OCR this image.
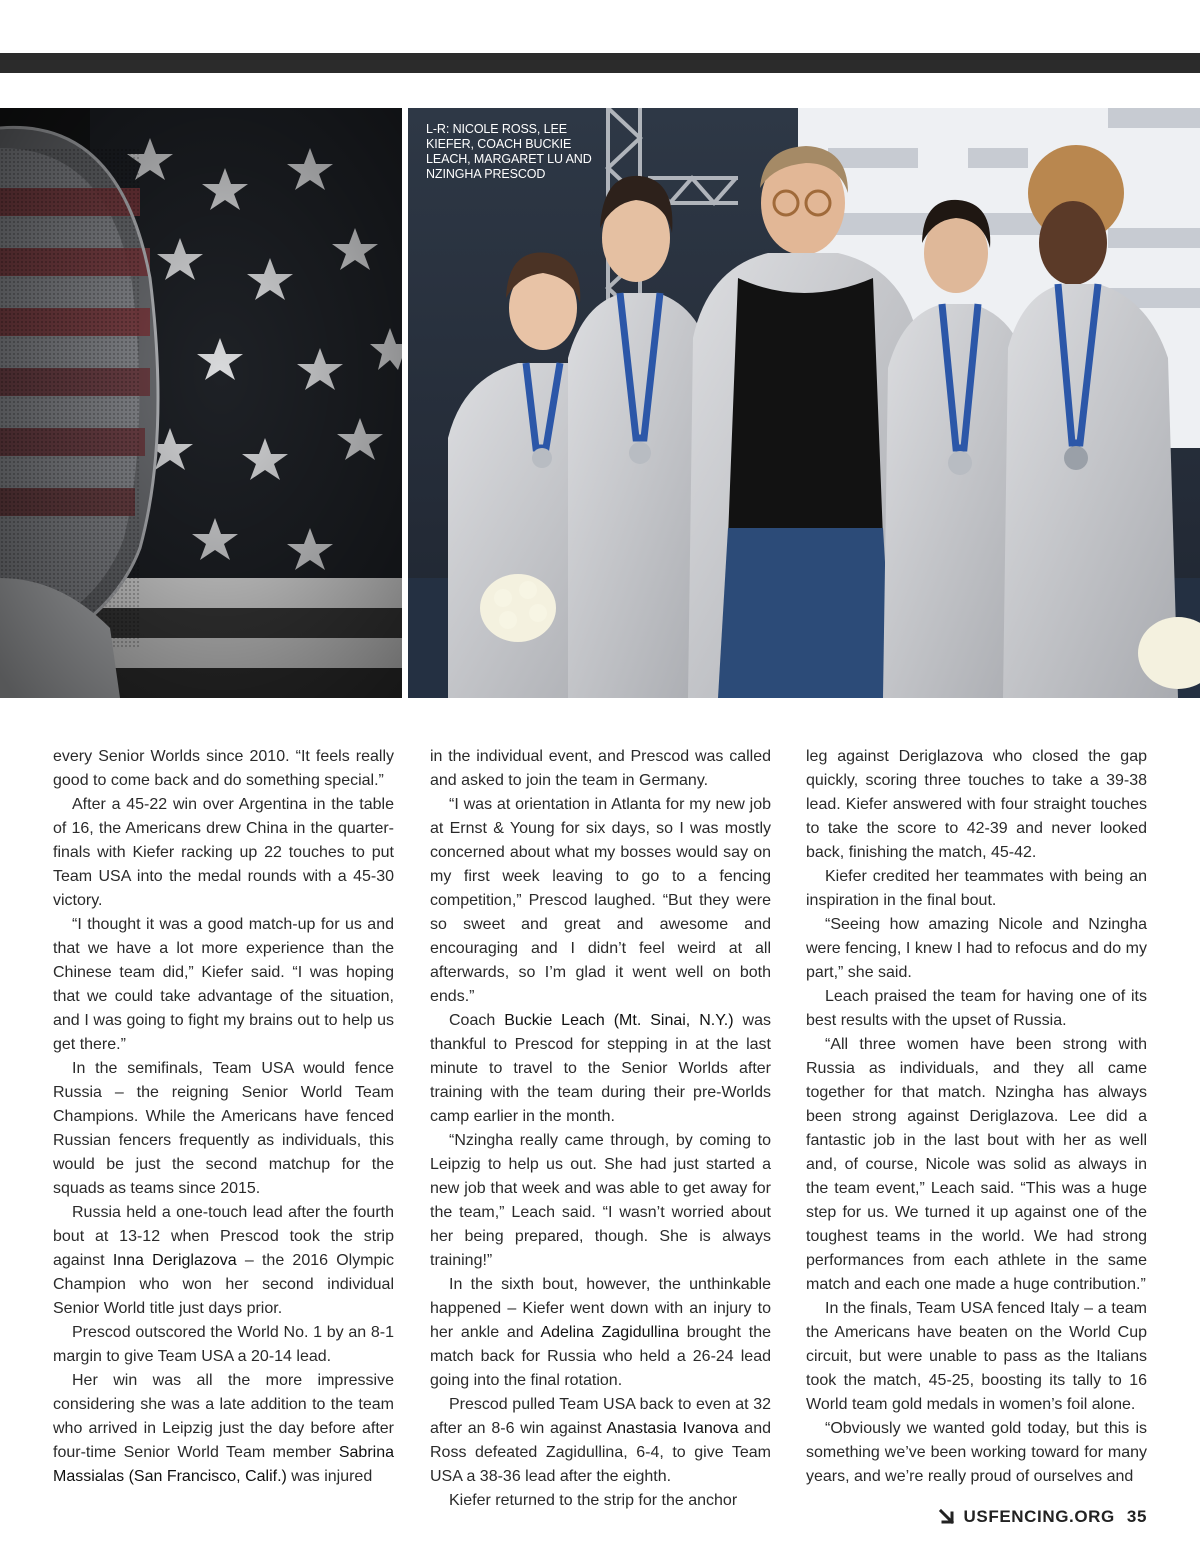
L-R: NICOLE ROSS, LEE KIEFER, COACH BUCKIE LEACH, MARGARET LU AND NZINGHA PRESCOD

every Senior Worlds since 2010. “It feels really good to come back and do something special.”

After a 45-22 win over Argentina in the table of 16, the Americans drew China in the quarter-finals with Kiefer racking up 22 touches to put Team USA into the medal rounds with a 45-30 victory.

“I thought it was a good match-up for us and that we have a lot more experience than the Chinese team did,” Kiefer said. “I was hoping that we could take advantage of the situation, and I was going to fight my brains out to help us get there.”

In the semifinals, Team USA would fence Russia – the reigning Senior World Team Champions. While the Americans have fenced Russian fencers frequently as individuals, this would be just the second matchup for the squads as teams since 2015.

Russia held a one-touch lead after the fourth bout at 13-12 when Prescod took the strip against Inna Deriglazova – the 2016 Olympic Champion who won her second individual Senior World title just days prior.

Prescod outscored the World No. 1 by an 8-1 margin to give Team USA a 20-14 lead.

Her win was all the more impressive considering she was a late addition to the team who arrived in Leipzig just the day before after four-time Senior World Team member Sabrina Massialas (San Francisco, Calif.) was injured

in the individual event, and Prescod was called and asked to join the team in Germany.

“I was at orientation in Atlanta for my new job at Ernst & Young for six days, so I was mostly concerned about what my bosses would say on my first week leaving to go to a fencing competition,” Prescod laughed. “But they were so sweet and great and awesome and encouraging and I didn’t feel weird at all afterwards, so I’m glad it went well on both ends.”

Coach Buckie Leach (Mt. Sinai, N.Y.) was thankful to Prescod for stepping in at the last minute to travel to the Senior Worlds after training with the team during their pre-Worlds camp earlier in the month.

“Nzingha really came through, by coming to Leipzig to help us out. She had just started a new job that week and was able to get away for the team,” Leach said. “I wasn’t worried about her being prepared, though. She is always training!”

In the sixth bout, however, the unthinkable happened – Kiefer went down with an injury to her ankle and Adelina Zagidullina brought the match back for Russia who held a 26-24 lead going into the final rotation.

Prescod pulled Team USA back to even at 32 after an 8-6 win against Anastasia Ivanova and Ross defeated Zagidullina, 6-4, to give Team USA a 38-36 lead after the eighth.

Kiefer returned to the strip for the anchor

leg against Deriglazova who closed the gap quickly, scoring three touches to take a 39-38 lead. Kiefer answered with four straight touches to take the score to 42-39 and never looked back, finishing the match, 45-42.

Kiefer credited her teammates with being an inspiration in the final bout.

“Seeing how amazing Nicole and Nzingha were fencing, I knew I had to refocus and do my part,” she said.

Leach praised the team for having one of its best results with the upset of Russia.

“All three women have been strong with Russia as individuals, and they all came together for that match. Nzingha has always been strong against Deriglazova. Lee did a fantastic job in the last bout with her as well and, of course, Nicole was solid as always in the team event,” Leach said. “This was a huge step for us. We turned it up against one of the toughest teams in the world. We had strong performances from each athlete in the same match and each one made a huge contribution.”

In the finals, Team USA fenced Italy – a team the Americans have beaten on the World Cup circuit, but were unable to pass as the Italians took the match, 45-25, boosting its tally to 16 World team gold medals in women’s foil alone.

“Obviously we wanted gold today, but this is something we’ve been working toward for many years, and we’re really proud of ourselves and

USFENCING.ORG 35
